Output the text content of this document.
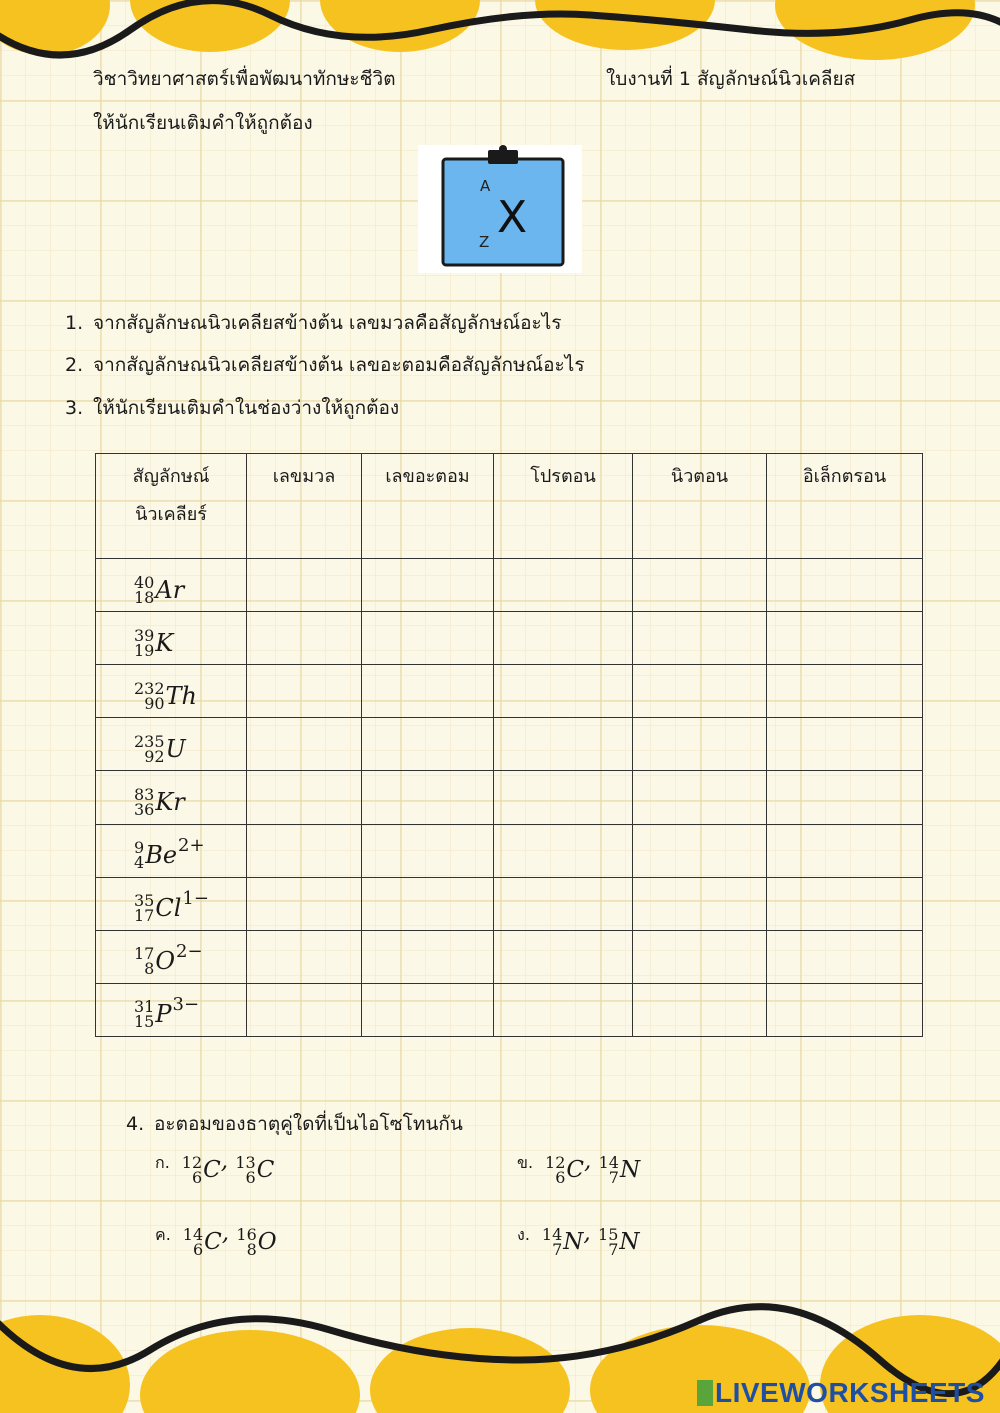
วิชาวิทยาศาสตร์เพื่อพัฒนาทักษะชีวิต	ใบงานที่ 1 สัญลักษณ์นิวเคลียส
ให้นักเรียนเติมคำให้ถูกต้อง
A
Z X
1. จากสัญลักษณนิวเคลียสข้างต้น เลขมวลคือสัญลักษณ์อะไร
2. จากสัญลักษณนิวเคลียสข้างต้น เลขอะตอมคือสัญลักษณ์อะไร
3. ให้นักเรียนเติมคำในช่องว่างให้ถูกต้อง
สัญลักษณ์
นิวเคลียร์	เลขมวล	เลขอะตอม	โปรตอน	นิวตอน	อิเล็กตรอน

40
18 Ar					

39
19 K					

232
90 Th					

235
92 U					

83
36 Kr					

9
4 Be 2+					

35
17 Cl 1−					

17
8 O 2−					

31
15 P 3−					

4. อะตอมของธาตุคู่ใดที่เป็นไอโซโทนกัน
ก. 12
6 C , 13
6 C	ข. 12
6 C , 14
7 N
ค. 14
6 C , 16
8 O	ง. 14
7 N , 15
7 N
LIVEWORKSHEETS
